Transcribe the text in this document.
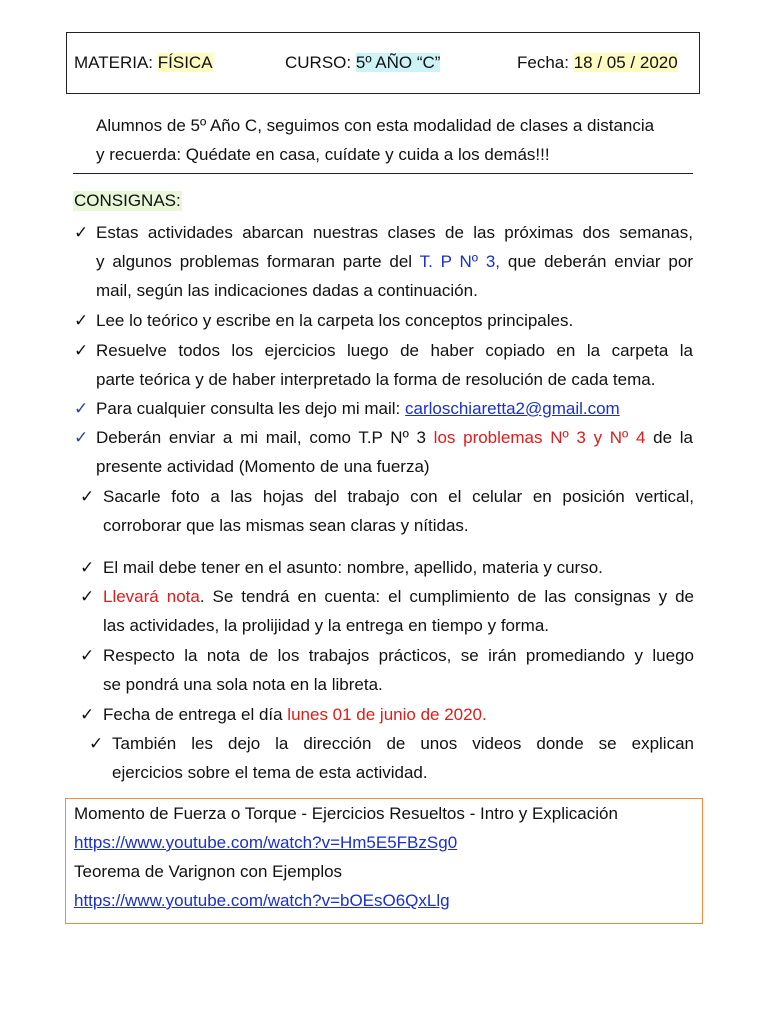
MATERIA: FÍSICA	CURSO: 5º AÑO “C”	Fecha: 18 / 05 / 2020
Alumnos de 5º Año C, seguimos con esta modalidad de clases a distancia
y recuerda: Quédate en casa, cuídate y cuida a los demás!!!
CONSIGNAS:
✓ Estas actividades abarcan nuestras clases de las próximas dos semanas,
y algunos problemas formaran parte del T. P Nº 3, que deberán enviar por
mail, según las indicaciones dadas a continuación.
✓ Lee lo teórico y escribe en la carpeta los conceptos principales.
✓ Resuelve todos los ejercicios luego de haber copiado en la carpeta la
parte teórica y de haber interpretado la forma de resolución de cada tema.
✓ Para cualquier consulta les dejo mi mail: carloschiaretta2@gmail.com
✓ Deberán enviar a mi mail, como T.P Nº 3 los problemas Nº 3 y Nº 4 de la
presente actividad (Momento de una fuerza)
✓ Sacarle foto a las hojas del trabajo con el celular en posición vertical,
corroborar que las mismas sean claras y nítidas.
✓ El mail debe tener en el asunto: nombre, apellido, materia y curso.
✓ Llevará nota. Se tendrá en cuenta: el cumplimiento de las consignas y de
las actividades, la prolijidad y la entrega en tiempo y forma.
✓ Respecto la nota de los trabajos prácticos, se irán promediando y luego
se pondrá una sola nota en la libreta.
✓ Fecha de entrega el día lunes 01 de junio de 2020.
✓ También les dejo la dirección de unos videos donde se explican
ejercicios sobre el tema de esta actividad.
Momento de Fuerza o Torque - Ejercicios Resueltos - Intro y Explicación
https://www.youtube.com/watch?v=Hm5E5FBzSg0
Teorema de Varignon con Ejemplos
https://www.youtube.com/watch?v=bOEsO6QxLlg
